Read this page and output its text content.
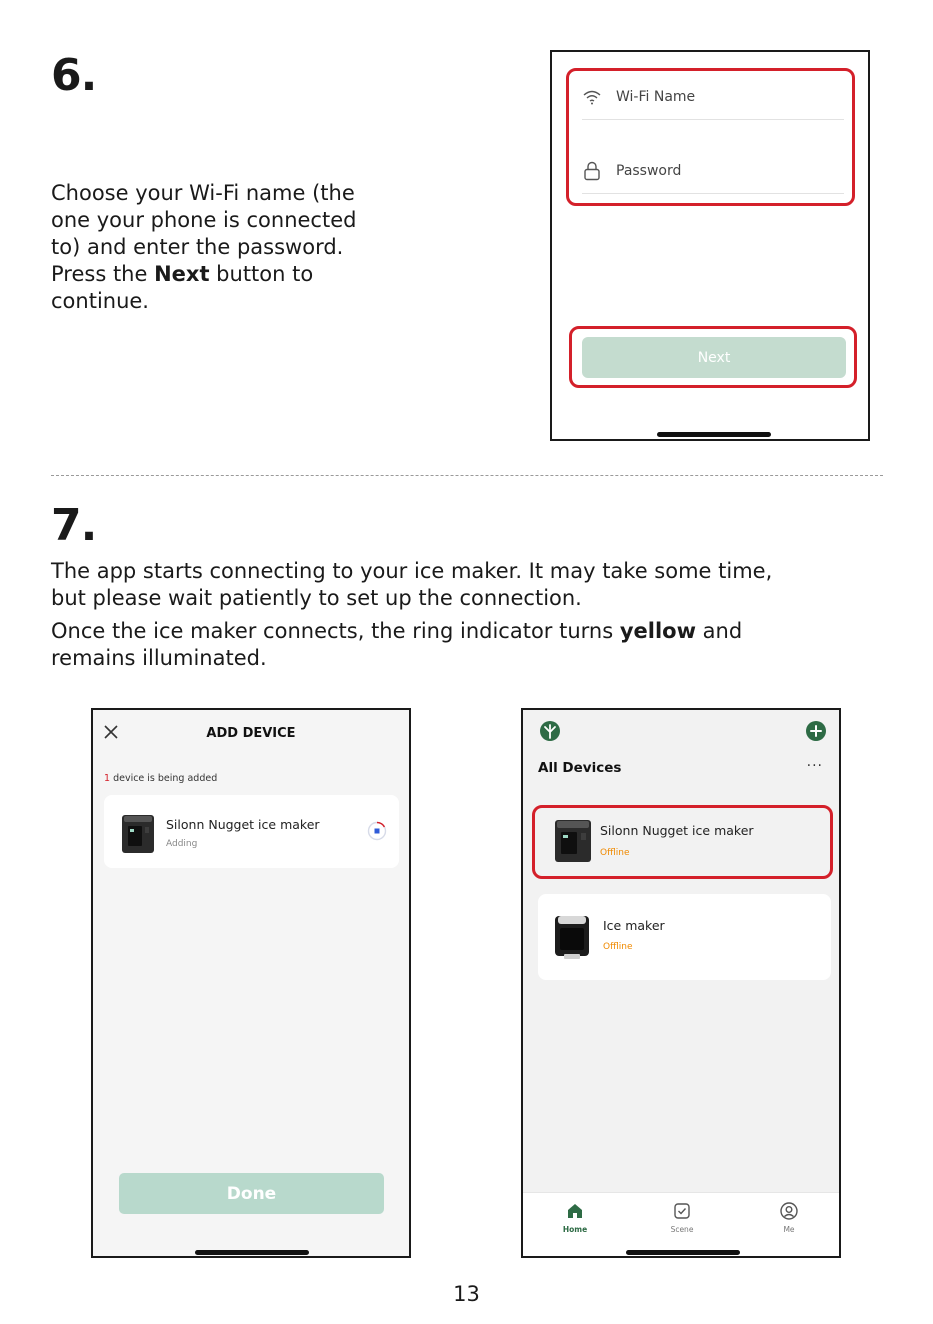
6.
Choose your Wi-Fi name (the
one your phone is connected
to) and enter the password.
Press the Next button to
continue.
Wi-Fi Name
Password
Next
7.
The app starts connecting to your ice maker. It may take some time,
but please wait patiently to set up the connection.
Once the ice maker connects, the ring indicator turns yellow and
remains illuminated.
ADD DEVICE
1 device is being added
Silonn Nugget ice maker
Adding
Done
All Devices	···
Silonn Nugget ice maker
Offline
Ice maker
Offline
Home	Scene	Me
13
